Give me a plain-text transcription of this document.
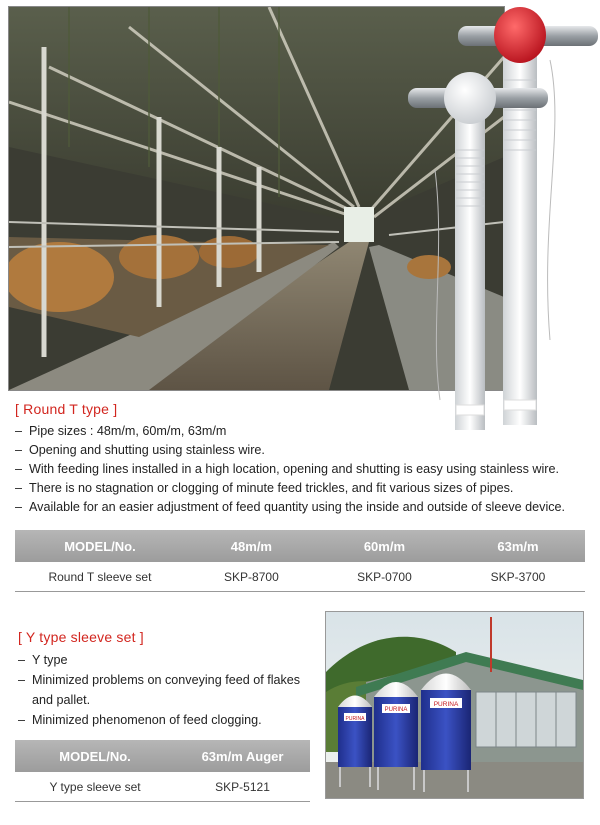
[ Round T type ]
– Pipe sizes : 48m/m, 60m/m, 63m/m
– Opening and shutting using stainless wire.
– With feeding lines installed in a high location, opening and shutting is easy using stainless wire.
– There is no stagnation or clogging of minute feed trickles, and fit various sizes of pipes.
– Available for an easier adjustment of feed quantity using the inside and outside of sleeve device.
MODEL/No.	48m/m	60m/m	63m/m
Round T sleeve set	SKP-8700	SKP-0700	SKP-3700
[ Y type sleeve set ]
– Y type
– Minimized problems on conveying feed of flakes
and pallet.
– Minimized phenomenon of feed clogging.
MODEL/No.	63m/m Auger
Y type sleeve set	SKP-5121
PURINA
PURINA
PURINA
